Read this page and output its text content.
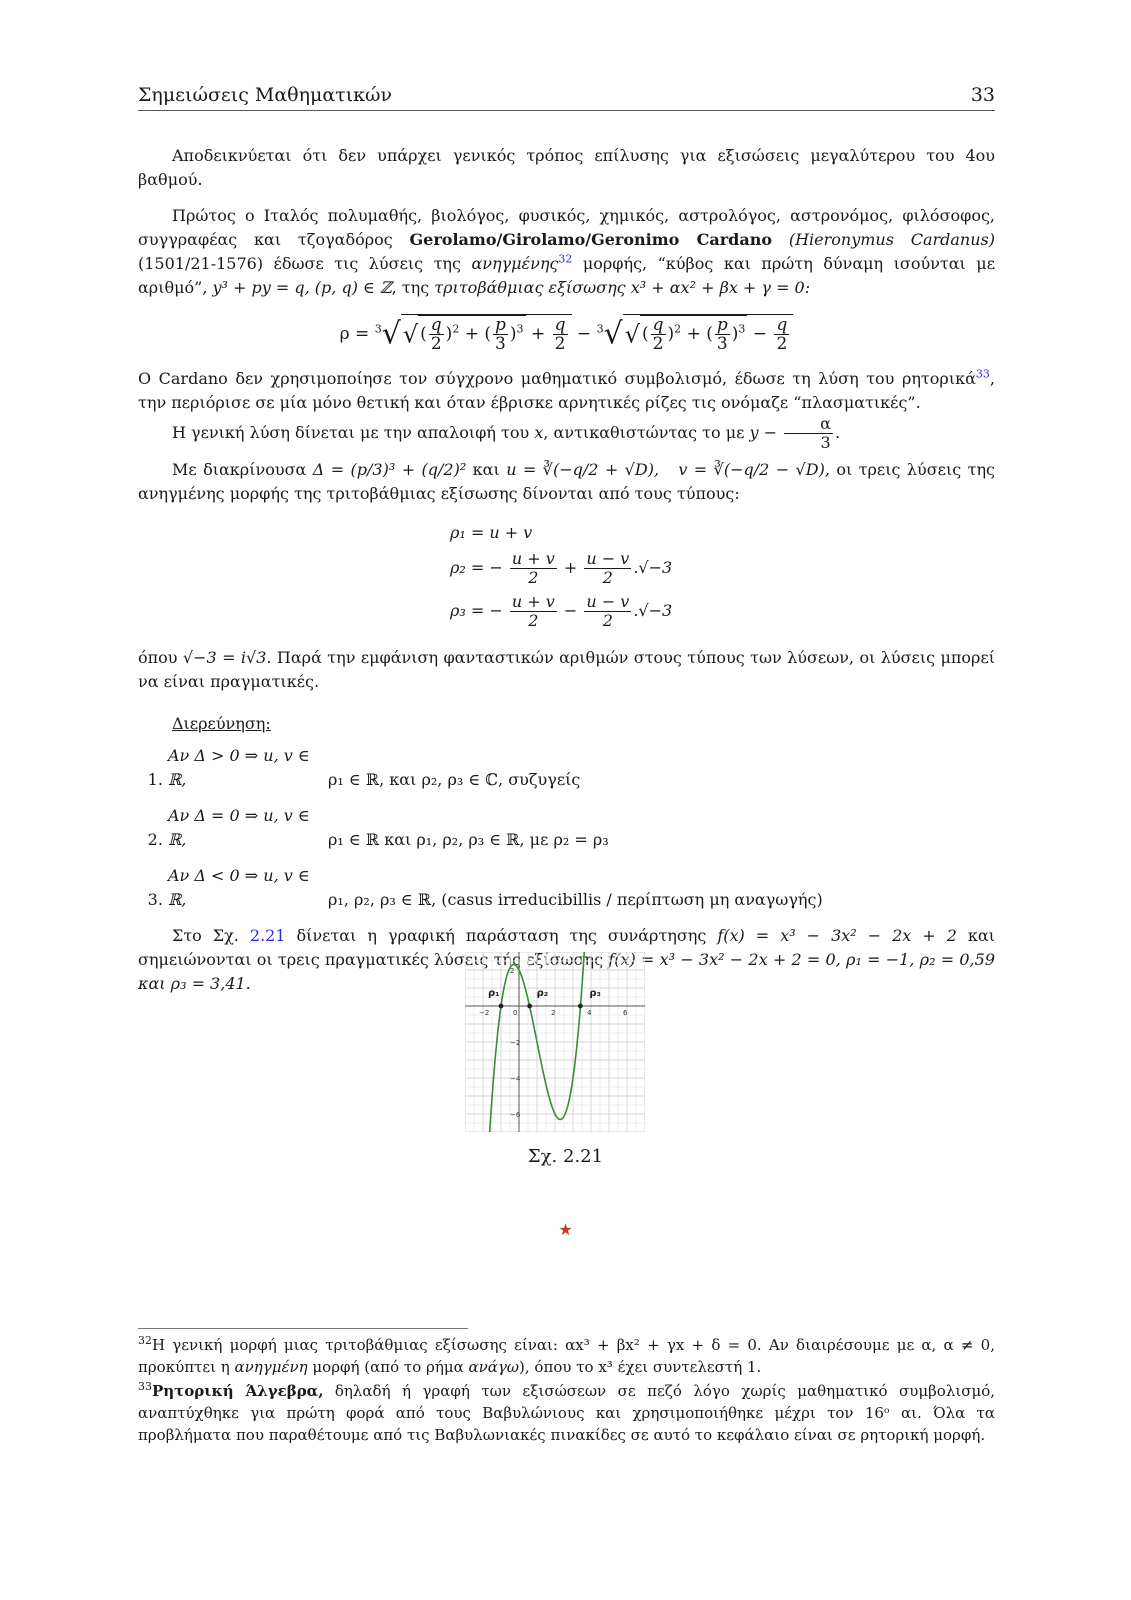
Σημειώσεις Μαθηματικών	33

Αποδεικνύεται ότι δεν υπάρχει γενικός τρόπος επίλυσης για εξισώσεις μεγαλύτερου του 4ου βαθμού.

Πρώτος ο Ιταλός πολυμαθής, βιολόγος, φυσικός, χημικός, αστρολόγος, αστρονόμος, φιλόσοφος, συγγραφέας και τζογαδόρος Gerolamo/Girolamo/Geronimo Cardano (Hieronymus Cardanus) (1501/21-1576) έδωσε τις λύσεις της ανηγμένης$^{32}$ μορφής, “κύβος και πρώτη δύναμη ισούνται με αριθμό”, y³ + py = q, (p, q) ∈ ℤ, της τριτοβάθμιας εξίσωσης x³ + αx² + βx + γ = 0:

ρ = $^3$√√ ( $\frac{q}{2} )^2$ + ( $\frac{p}{3} )^3 + \frac{q}{2} - ^3√√$ ( $\frac{q}{2} )^2$ + ( $\frac{p}{3} )^3 - \frac{q}{2}$

Ο Cardano δεν χρησιμοποίησε τον σύγχρονο μαθηματικό συμβολισμό, έδωσε τη λύση του ρητορικά$^{33}$, την περιόρισε σε μία μόνο θετική και όταν έβρισκε αρνητικές ρίζες τις ονόμαζε “πλασματικές”.

Η γενική λύση δίνεται με την απαλοιφή του x, αντικαθιστώντας το με $y - \frac{\alpha}{3}$ .

Με διακρίνουσα Δ = (p/3)³ + (q/2)² και u = ∛(−q/2 + √D), v = ∛(−q/2 − √D), οι τρεις λύσεις της ανηγμένης μορφής της τριτοβάθμιας εξίσωσης δίνονται από τους τύπους:

ρ₁ = u + v
ρ₂ = − $\frac{u + v}{2} + \frac{u - v}{2} .√-3$
ρ₃ = − $\frac{u + v}{2} - \frac{u - v}{2} .√-3$

όπου √−3 = i√3. Παρά την εμφάνιση φανταστικών αριθμών στους τύπους των λύσεων, οι λύσεις μπορεί να είναι πραγματικές.

Διερεύνηση:

1. Αν Δ > 0 ⇒ u, v ∈ ℝ,	ρ₁ ∈ ℝ, και ρ₂, ρ₃ ∈ ℂ, συζυγείς
2. Αν Δ = 0 ⇒ u, v ∈ ℝ,	ρ₁ ∈ ℝ και ρ₁, ρ₂, ρ₃ ∈ ℝ, με ρ₂ = ρ₃
3. Αν Δ < 0 ⇒ u, v ∈ ℝ,	ρ₁, ρ₂, ρ₃ ∈ ℝ, (casus irreducibillis / περίπτωση μη αναγωγής)

Στο Σχ. 2.21 δίνεται η γραφική παράσταση της συνάρτησης f(x) = x³ − 3x² − 2x + 2 και σημειώνονται οι τρεις πραγματικές λύσεις τής εξίσωσης f(x) = x³ − 3x² − 2x + 2 = 0, ρ₁ = −1, ρ₂ = 0,59 και ρ₃ = 3,41.

−2	0	2	4	6
2
−2
−4
−6
ρ₁	ρ₂	ρ₃
Σχ. 2.21
★

$^{32}$Η γενική μορφή μιας τριτοβάθμιας εξίσωσης είναι: αx³ + βx² + γx + δ = 0. Αν διαιρέσουμε με α, α ≠ 0, προκύπτει η ανηγμένη μορφή (από το ρήμα ανάγω), όπου το x³ έχει συντελεστή 1.

$^{33}$Ρητορική Άλγεβρα, δηλαδή ή γραφή των εξισώσεων σε πεζό λόγο χωρίς μαθηματικό συμβολισμό, αναπτύχθηκε για πρώτη φορά από τους Βαβυλώνιους και χρησιμοποιήθηκε μέχρι τον 16ᵒ αι. Όλα τα προβλήματα που παραθέτουμε από τις Βαβυλωνιακές πινακίδες σε αυτό το κεφάλαιο είναι σε ρητορική μορφή.
